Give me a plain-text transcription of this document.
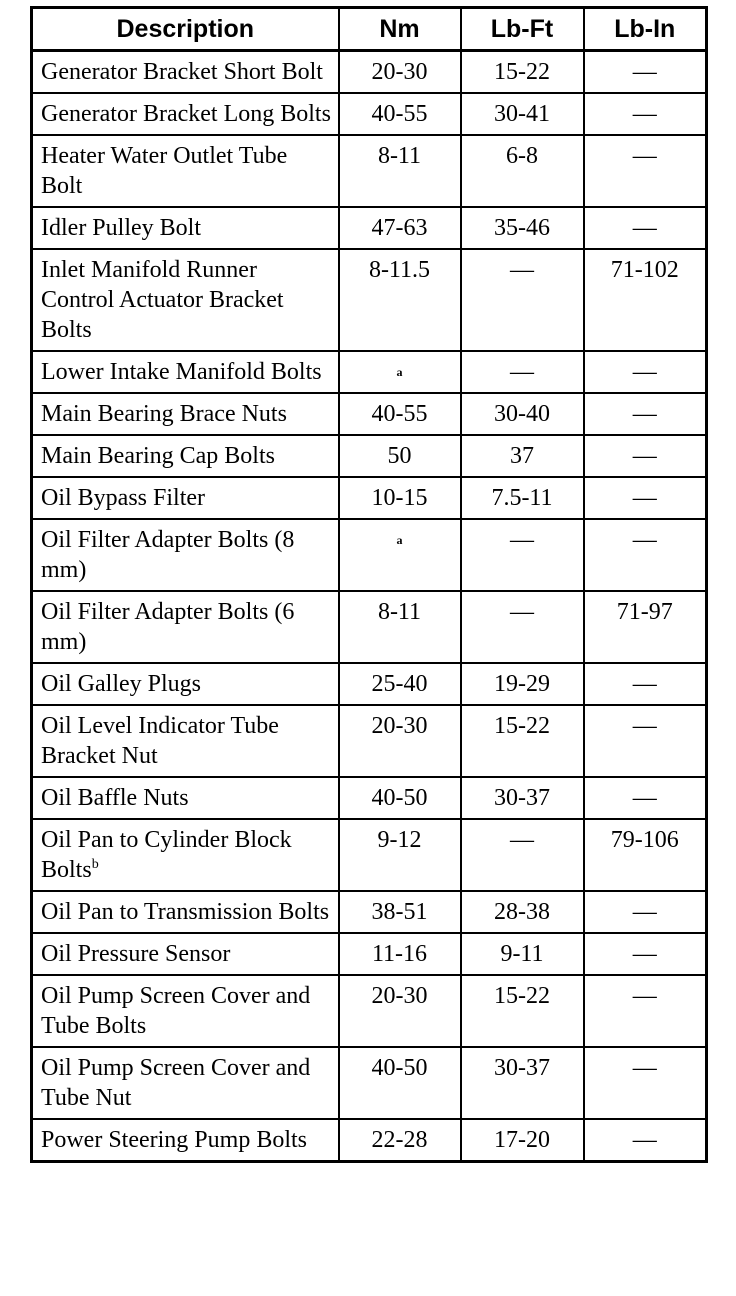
Description	Nm	Lb-Ft	Lb-In
Generator Bracket Short Bolt	20-30	15-22	—
Generator Bracket Long Bolts	40-55	30-41	—
Heater Water Outlet Tube Bolt	8-11	6-8	—
Idler Pulley Bolt	47-63	35-46	—
Inlet Manifold Runner Control Actuator Bracket Bolts	8-11.5	—	71-102
Lower Intake Manifold Bolts	a	—	—
Main Bearing Brace Nuts	40-55	30-40	—
Main Bearing Cap Bolts	50	37	—
Oil Bypass Filter	10-15	7.5-11	—
Oil Filter Adapter Bolts (8 mm)	a	—	—
Oil Filter Adapter Bolts (6 mm)	8-11	—	71-97
Oil Galley Plugs	25-40	19-29	—
Oil Level Indicator Tube Bracket Nut	20-30	15-22	—
Oil Baffle Nuts	40-50	30-37	—
Oil Pan to Cylinder Block Bolts$^b$	9-12	—	79-106
Oil Pan to Transmission Bolts	38-51	28-38	—
Oil Pressure Sensor	11-16	9-11	—
Oil Pump Screen Cover and Tube Bolts	20-30	15-22	—
Oil Pump Screen Cover and Tube Nut	40-50	30-37	—
Power Steering Pump Bolts	22-28	17-20	—
